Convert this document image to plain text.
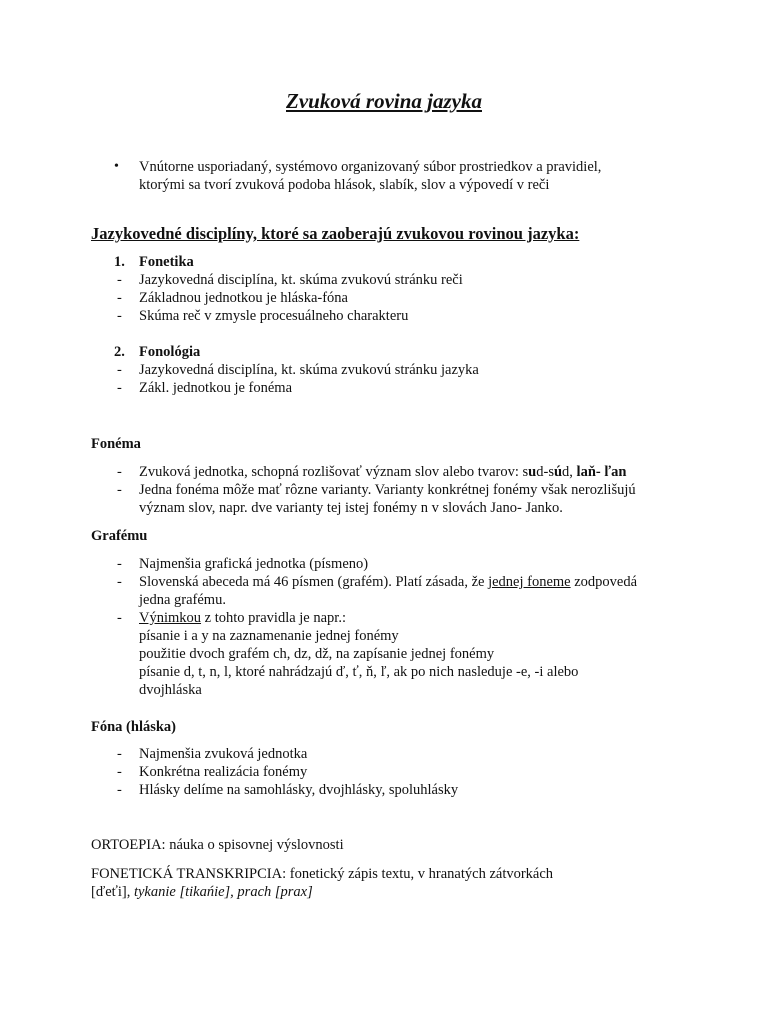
Zvuková rovina jazyka
• Vnútorne usporiadaný, systémovo organizovaný súbor prostriedkov a pravidiel,
ktorými sa tvorí zvuková podoba hlások, slabík, slov a výpovedí v reči
Jazykovedné disciplíny, ktoré sa zaoberajú zvukovou rovinou jazyka:
1. Fonetika
- Jazykovedná disciplína, kt. skúma zvukovú stránku reči
- Základnou jednotkou je hláska-fóna
- Skúma reč v zmysle procesuálneho charakteru
2. Fonológia
- Jazykovedná disciplína, kt. skúma zvukovú stránku jazyka
- Zákl. jednotkou je fonéma
Fonéma
- Zvuková jednotka, schopná rozlišovať význam slov alebo tvarov: sud-súd, laň- ľan
- Jedna fonéma môže mať rôzne varianty. Varianty konkrétnej fonémy však nerozlišujú
význam slov, napr. dve varianty tej istej fonémy n v slovách Jano- Janko.
Grafému
- Najmenšia grafická jednotka (písmeno)
- Slovenská abeceda má 46 písmen (grafém). Platí zásada, že jednej foneme zodpovedá
jedna grafému.
- Výnimkou z tohto pravidla je napr.:
písanie i a y na zaznamenanie jednej fonémy
použitie dvoch grafém ch, dz, dž, na zapísanie jednej fonémy
písanie d, t, n, l, ktoré nahrádzajú ď, ť, ň, ľ, ak po nich nasleduje -e, -i alebo
dvojhláska
Fóna (hláska)
- Najmenšia zvuková jednotka
- Konkrétna realizácia fonémy
- Hlásky delíme na samohlásky, dvojhlásky, spoluhlásky
ORTOEPIA: náuka o spisovnej výslovnosti
FONETICKÁ TRANSKRIPCIA: fonetický zápis textu, v hranatých zátvorkách
[ďeťi], tykanie [tikańie], prach [prax]
